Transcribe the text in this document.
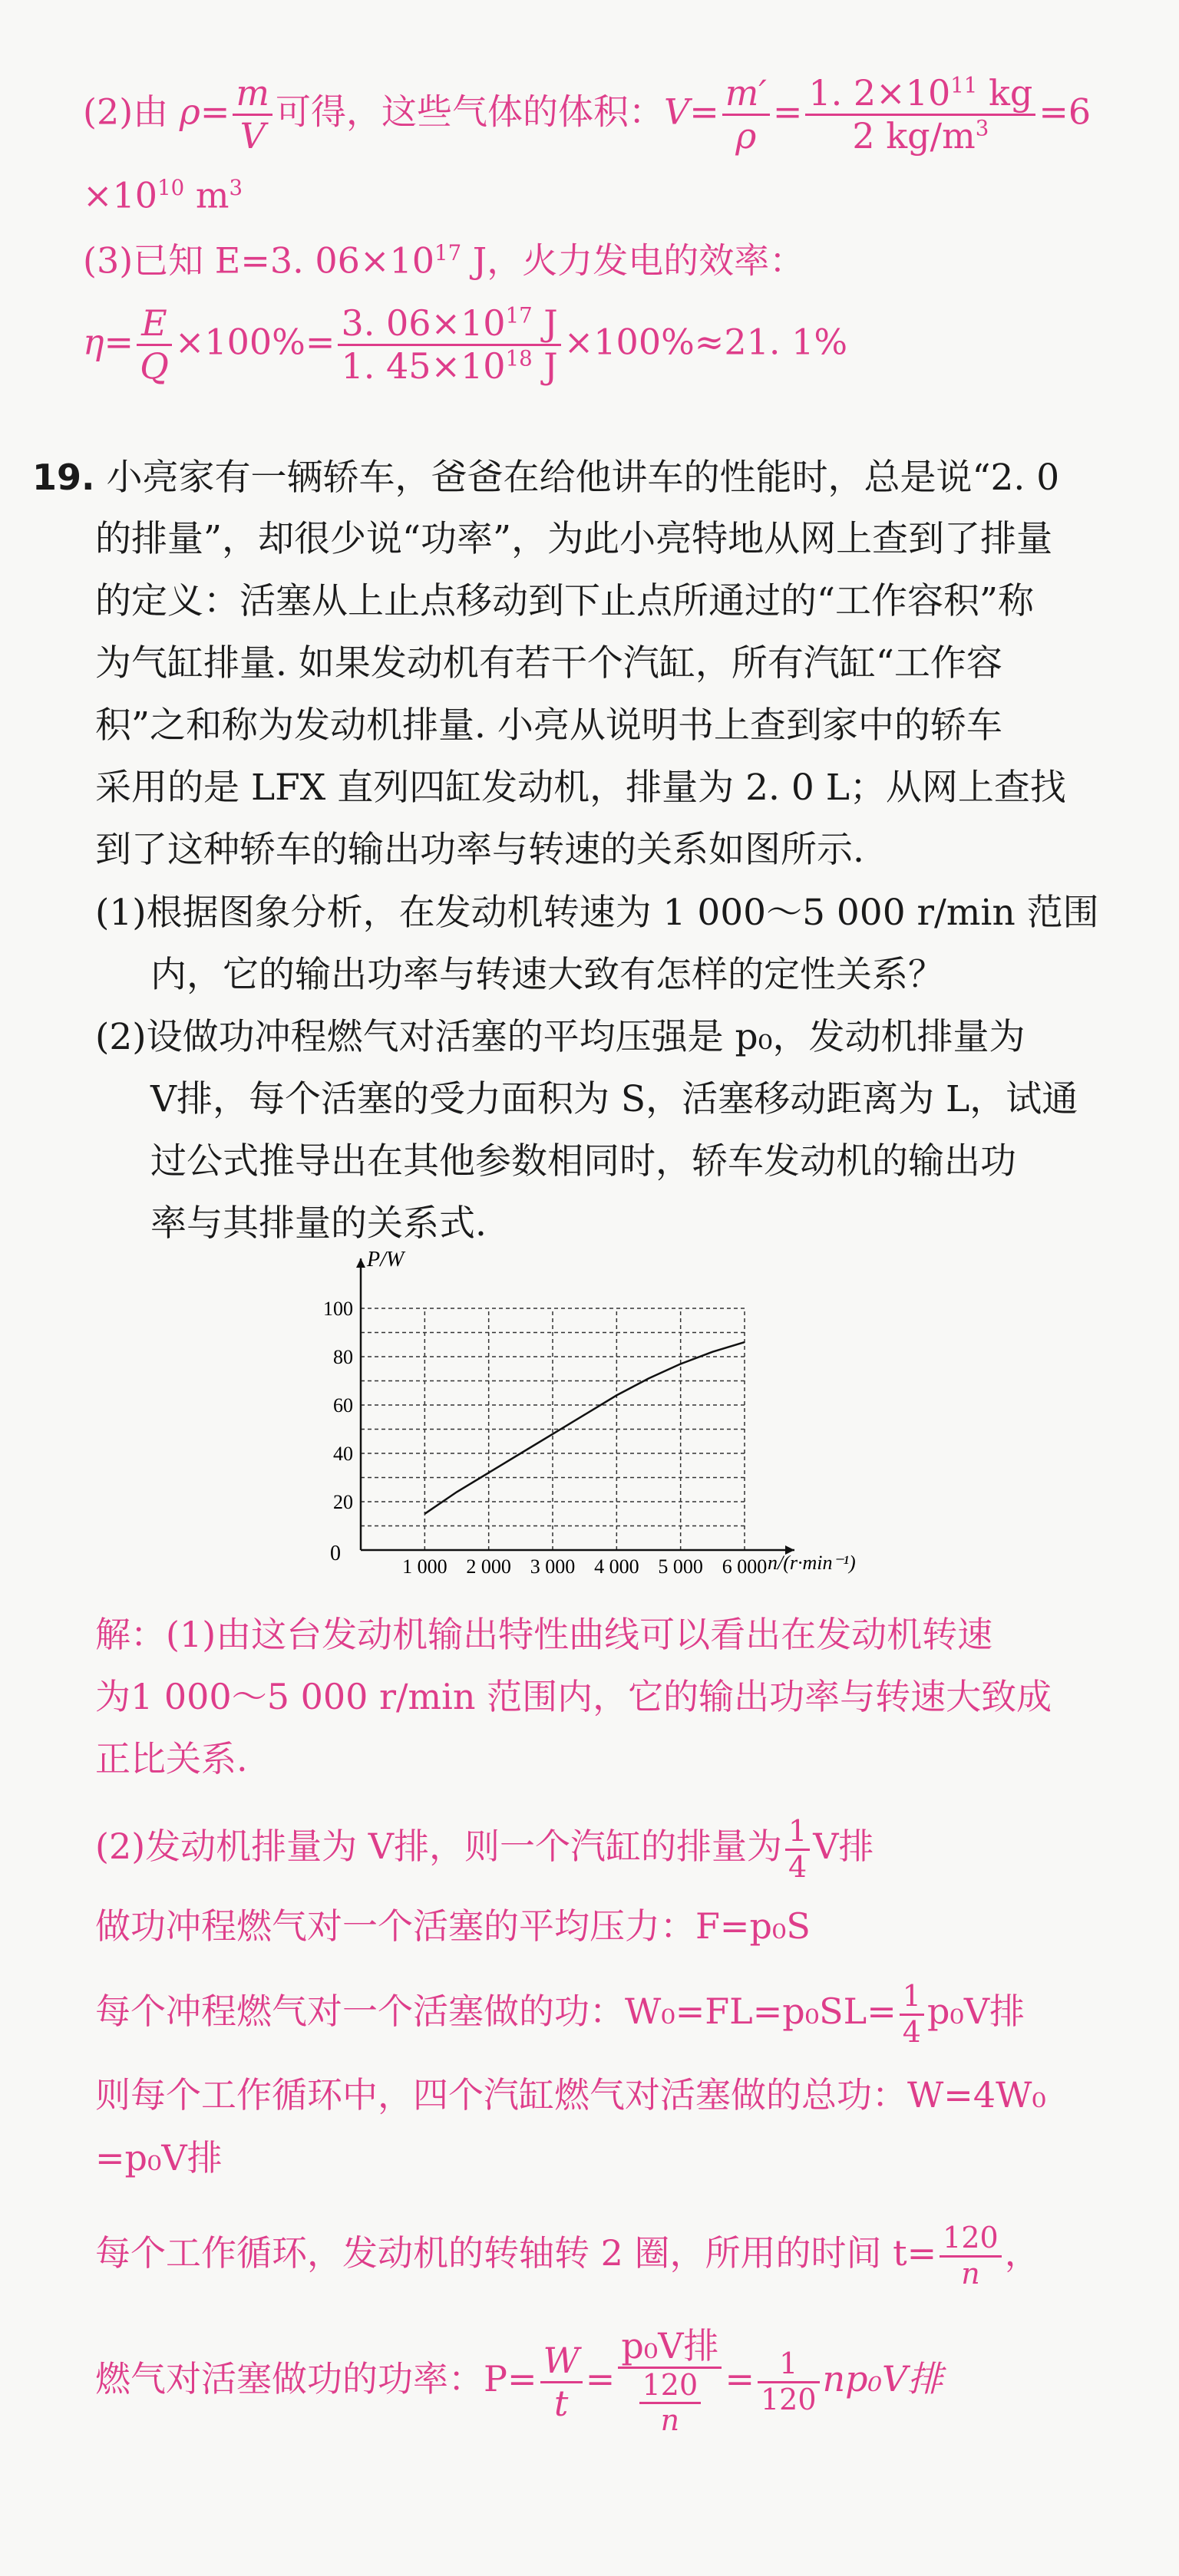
(2)由 $\rho= \frac{m}{V}$ 可得，这些气体的体积：$V= \frac{m'}{\rho} = \frac{1. 2\times 10^{11} kg}{2 kg/m^3} =6$
$\times 10^{10}$ $m^3$
(3)已知 E=3. $06\times 10^{17}$ J，火力发电的效率：
$\eta= \frac{E}{Q} \times 100\%= \frac{3. 06\times 10^{17} J}{1. 45\times 10^{18} J} \times 100\%\approx 21$. 1%
19. 小亮家有一辆轿车，爸爸在给他讲车的性能时，总是说“2. 0
的排量”，却很少说“功率”，为此小亮特地从网上查到了排量
的定义：活塞从上止点移动到下止点所通过的“工作容积”称
为气缸排量. 如果发动机有若干个汽缸，所有汽缸“工作容
积”之和称为发动机排量. 小亮从说明书上查到家中的轿车
采用的是 LFX 直列四缸发动机，排量为 2. 0 L；从网上查找
到了这种轿车的输出功率与转速的关系如图所示.
(1)根据图象分析，在发动机转速为 1 000～5 000 r/min 范围
内，它的输出功率与转速大致有怎样的定性关系？
(2)设做功冲程燃气对活塞的平均压强是 p₀，发动机排量为
V排，每个活塞的受力面积为 S，活塞移动距离为 L，试通
过公式推导出在其他参数相同时，轿车发动机的输出功
率与其排量的关系式.
1 000 2 000 3 000 4 000 5 000 6 000
20
40
60
80
100
P/W
n/(r·min⁻¹)
0
解：(1)由这台发动机输出特性曲线可以看出在发动机转速
为1 000～5 000 r/min 范围内，它的输出功率与转速大致成
正比关系.
(2)发动机排量为 V排，则一个汽缸的排量为 $\frac{1}{4}$ V排
做功冲程燃气对一个活塞的平均压力：F=p₀S
每个冲程燃气对一个活塞做的功：$W_0=FL=p_0SL= \frac{1}{4} p_0V$排
则每个工作循环中，四个汽缸燃气对活塞做的总功：W=4W₀
=p₀V排
每个工作循环，发动机的转轴转 2 圈，所用的时间 $t= \frac{120}{n}$ ，
燃气对活塞做功的功率：$P= \frac{W}{t} = \frac{\text{p₀V排}}{\frac{120}{n}} = \frac{1}{120} np_0V$排
